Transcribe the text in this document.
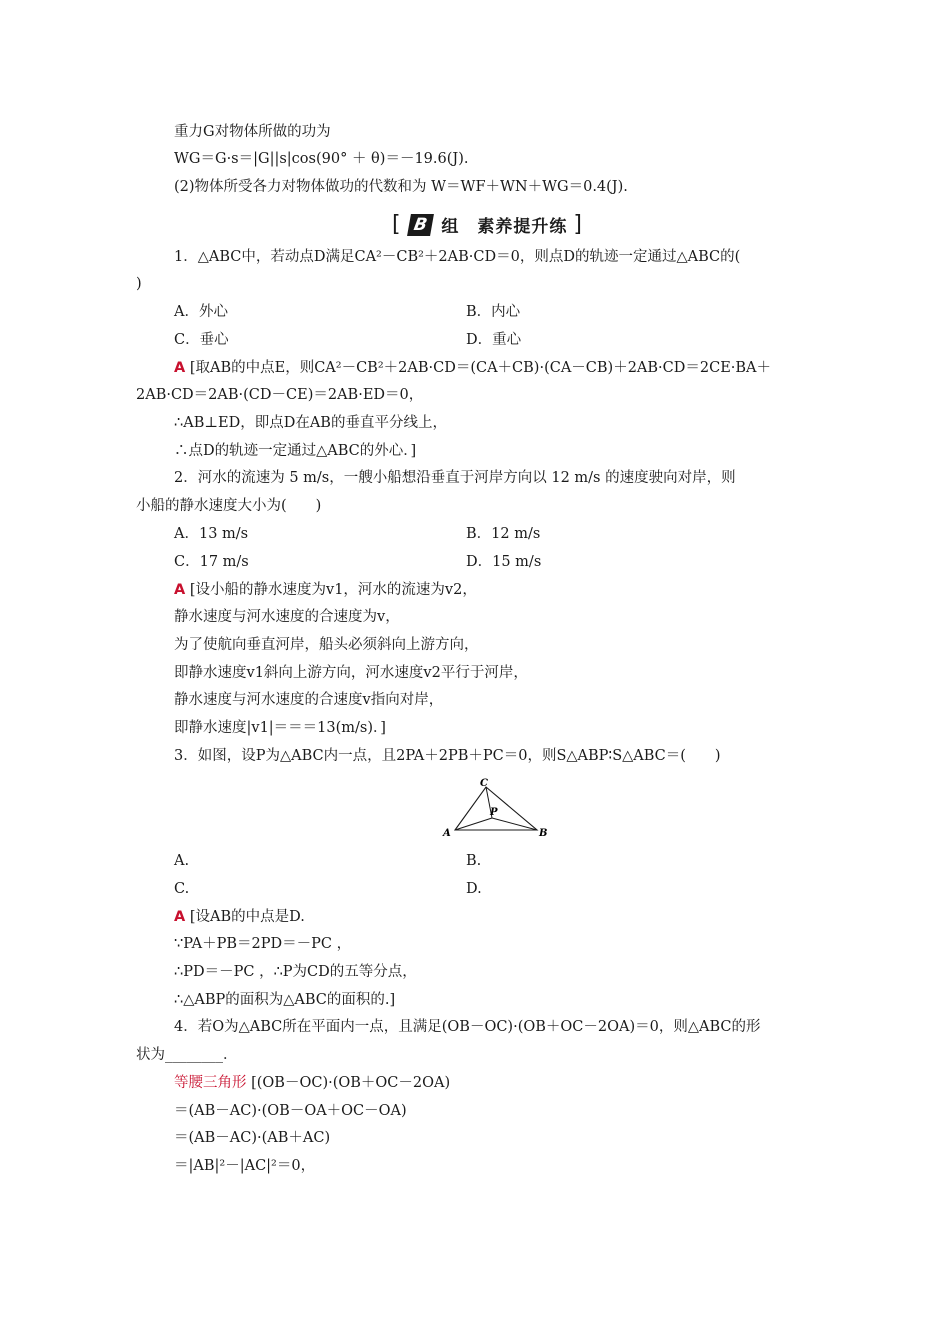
重力G对物体所做的功为
WG＝G·s＝|G||s|cos(90° ＋ θ)＝－19.6(J).
(2)物体所受各力对物体做功的代数和为 W＝WF＋WN＋WG＝0.4(J).
[ B 组　素养提升练 ]
1．△ABC中，若动点D满足CA²－CB²＋2AB·CD＝0，则点D的轨迹一定通过△ABC的(
)
A．外心	B．内心
C．垂心	D．重心
A [取AB的中点E，则CA²－CB²＋2AB·CD＝(CA＋CB)·(CA－CB)＋2AB·CD＝2CE·BA＋
2AB·CD＝2AB·(CD－CE)＝2AB·ED＝0，
∴AB⊥ED，即点D在AB的垂直平分线上，
∴点D的轨迹一定通过△ABC的外心．]
2．河水的流速为 5 m/s，一艘小船想沿垂直于河岸方向以 12 m/s 的速度驶向对岸，则
小船的静水速度大小为(　　)
A．13 m/s	B．12 m/s
C．17 m/s	D．15 m/s
A [设小船的静水速度为v1，河水的流速为v2，
静水速度与河水速度的合速度为v，
为了使航向垂直河岸，船头必须斜向上游方向，
即静水速度v1斜向上游方向，河水速度v2平行于河岸，
静水速度与河水速度的合速度v指向对岸，
即静水速度|v1|＝＝＝13(m/s)．]
3．如图，设P为△ABC内一点，且2PA＋2PB＋PC＝0，则S△ABP∶S△ABC＝(　　)
C
A	B
P
A.	B.
C.	D.
A [设AB的中点是D.
∵PA＋PB＝2PD＝－PC ，
∴PD＝－PC ，∴P为CD的五等分点，
∴△ABP的面积为△ABC的面积的.]
4．若O为△ABC所在平面内一点，且满足(OB－OC)·(OB＋OC－2OA)＝0，则△ABC的形
状为________．
等腰三角形 [(OB－OC)·(OB＋OC－2OA)
＝(AB－AC)·(OB－OA＋OC－OA)
＝(AB－AC)·(AB＋AC)
＝|AB|²－|AC|²＝0，
